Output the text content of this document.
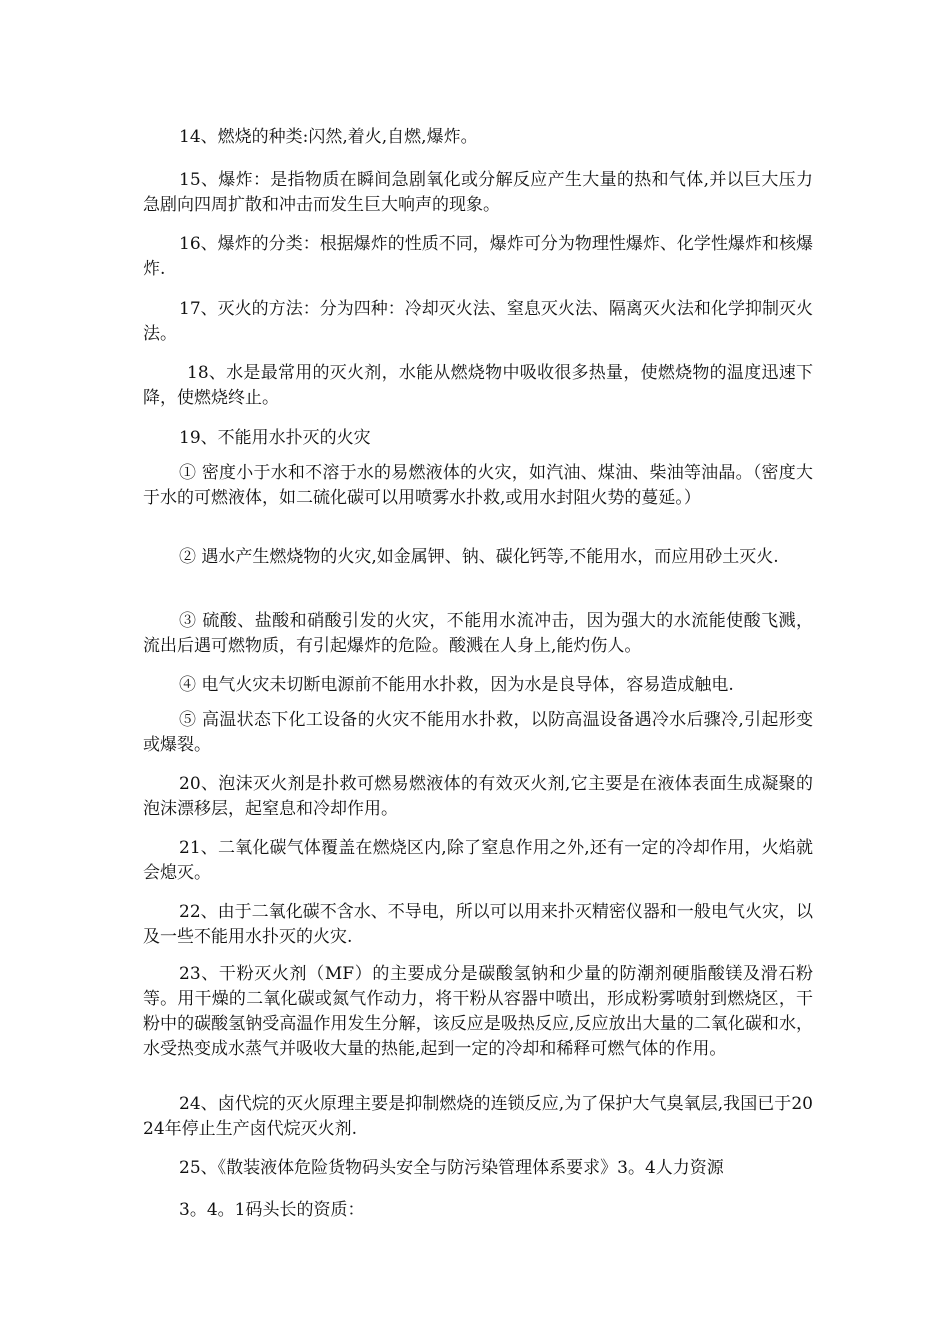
14、燃烧的种类:闪然,着火,自燃,爆炸。

15、爆炸：是指物质在瞬间急剧氧化或分解反应产生大量的热和气体,并以巨大压力急剧向四周扩散和冲击而发生巨大响声的现象。

16、爆炸的分类：根据爆炸的性质不同，爆炸可分为物理性爆炸、化学性爆炸和核爆炸.

17、灭火的方法：分为四种：冷却灭火法、窒息灭火法、隔离灭火法和化学抑制灭火法。

18、水是最常用的灭火剂，水能从燃烧物中吸收很多热量，使燃烧物的温度迅速下降，使燃烧终止。

19、不能用水扑灭的火灾

① 密度小于水和不溶于水的易燃液体的火灾，如汽油、煤油、柴油等油晶。（密度大于水的可燃液体，如二硫化碳可以用喷雾水扑救,或用水封阻火势的蔓延。）

② 遇水产生燃烧物的火灾,如金属钾、钠、碳化钙等,不能用水，而应用砂土灭火.

③ 硫酸、盐酸和硝酸引发的火灾，不能用水流冲击，因为强大的水流能使酸飞溅，流出后遇可燃物质，有引起爆炸的危险。酸溅在人身上,能灼伤人。

④ 电气火灾未切断电源前不能用水扑救，因为水是良导体，容易造成触电.

⑤ 高温状态下化工设备的火灾不能用水扑救，以防高温设备遇冷水后骤冷,引起形变或爆裂。

20、泡沫灭火剂是扑救可燃易燃液体的有效灭火剂,它主要是在液体表面生成凝聚的泡沫漂移层，起窒息和冷却作用。

21、二氧化碳气体覆盖在燃烧区内,除了窒息作用之外,还有一定的冷却作用，火焰就会熄灭。

22、由于二氧化碳不含水、不导电，所以可以用来扑灭精密仪器和一般电气火灾，以及一些不能用水扑灭的火灾.

23、干粉灭火剂（MF）的主要成分是碳酸氢钠和少量的防潮剂硬脂酸镁及滑石粉等。用干燥的二氧化碳或氮气作动力，将干粉从容器中喷出，形成粉雾喷射到燃烧区，干粉中的碳酸氢钠受高温作用发生分解，该反应是吸热反应,反应放出大量的二氧化碳和水，水受热变成水蒸气并吸收大量的热能,起到一定的冷却和稀释可燃气体的作用。

24、卤代烷的灭火原理主要是抑制燃烧的连锁反应,为了保护大气臭氧层,我国已于2024年停止生产卤代烷灭火剂.

25、《散装液体危险货物码头安全与防污染管理体系要求》3。4人力资源

3。4。1码头长的资质：
